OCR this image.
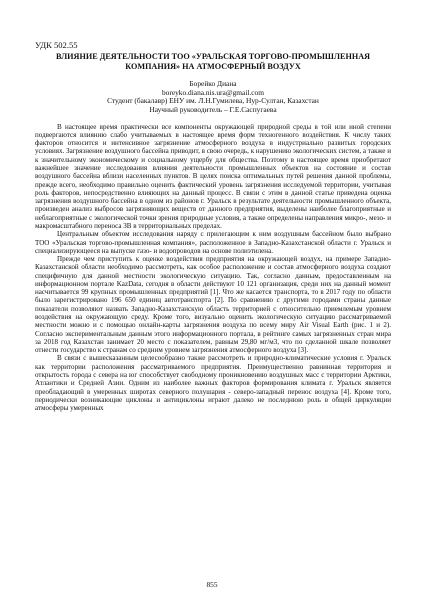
УДК 502.55
ВЛИЯНИЕ ДЕЯТЕЛЬНОСТИ ТОО «УРАЛЬСКАЯ ТОРГОВО-ПРОМЫШЛЕННАЯ КОМПАНИЯ» НА АТМОСФЕРНЫЙ ВОЗДУХ
Борейко Диана
boreyko.diana.nis.ura@gmail.com
Студент (бакалавр) ЕНУ им. Л.Н.Гумилева, Нур-Султан, Казахстан
Научный руководитель – Г.Е.Саспугаева

В настоящее время практически все компоненты окружающей природной среды в той или иной степени подвергаются влиянию слабо учитываемых в настоящее время форм техногенного воздействия. К числу таких факторов относится и интенсивное загрязнение атмосферного воздуха в индустриально развитых городских условиях. Загрязнение воздушного бассейна приводит, в свою очередь, к нарушению экологических систем, а также и к значительному экономическому и социальному ущербу для общества. Поэтому в настоящее время приобретают важнейшее значение исследования влияния деятельности промышленных объектов на состояние и состав воздушного бассейна вблизи населенных пунктов. В целях поиска оптимальных путей решения данной проблемы, прежде всего, необходимо правильно оценить фактический уровень загрязнения исследуемой территории, учитывая роль факторов, непосредственно влияющих на данный процесс. В связи с этим в данной статье приведена оценка загрязнения воздушного бассейна в одном из районов г. Уральск в результате деятельности промышленного объекта, произведен анализ выбросов загрязняющих веществ от данного предприятия, выделены наиболее благоприятные и неблагоприятные с экологической точки зрения природные условия, а также определены направления микро-, мезо- и макромасштабного переноса ЗВ в территориальных пределах.

Центральным объектом исследования наряду с прилегающим к ним воздушным бассейном было выбрано ТОО «Уральская торгово-промышленная компания», расположенное в Западно-Казахстанской области г. Уральск и специализирующееся на выпуске газо- и водопроводов на основе полиэтилена.

Прежде чем приступить к оценке воздействия предприятия на окружающей воздух, на примере Западно-Казахстанской области необходимо рассмотреть, как особое расположение и состав атмосферного воздуха создают специфичную для данной местности экологическую ситуацию. Так, согласно данным, предоставленным на информационном портале KazData, сегодня в области действуют 10 121 организация, среди них на данный момент насчитывается 99 крупных промышленных предприятий [1]. Что же касается транспорта, то в 2017 году по области было зарегистрировано 196 650 единиц автотранспорта [2]. По сравнению с другими городами страны данные показатели позволяют назвать Западно-Казахстанскую область территорией с относительно приемлемым уровнем воздействия на окружающую среду. Кроме того, визуально оценить экологическую ситуацию рассматриваемой местности можно и с помощью онлайн-карты загрязнения воздуха по всему миру Air Visual Earth (рис. 1 и 2). Согласно экспериментальным данным этого информационного портала, в рейтинге самых загрязненных стран мира за 2018 год Казахстан занимает 20 место с показателем, равным 29,80 мг/м3, что по сделанной шкале позволяет отнести государство к странам со средним уровнем загрязнения атмосферного воздуха [3].

В связи с вышесказанным целесообразно также рассмотреть и природно-климатические условия г. Уральск как территории расположения рассматриваемого предприятия. Преимущественно равнинная территория и открытость города с севера на юг способствует свободному проникновению воздушных масс с территории Арктики, Атлантики и Средней Азии. Одним из наиболее важных факторов формирования климата г. Уральск является преобладающий в умеренных широтах северного полушария - северо-западный перенос воздуха [4]. Кроме того, периодически возникающие циклоны и антициклоны играют далеко не последнюю роль в общей циркуляции атмосферы умеренных

855
